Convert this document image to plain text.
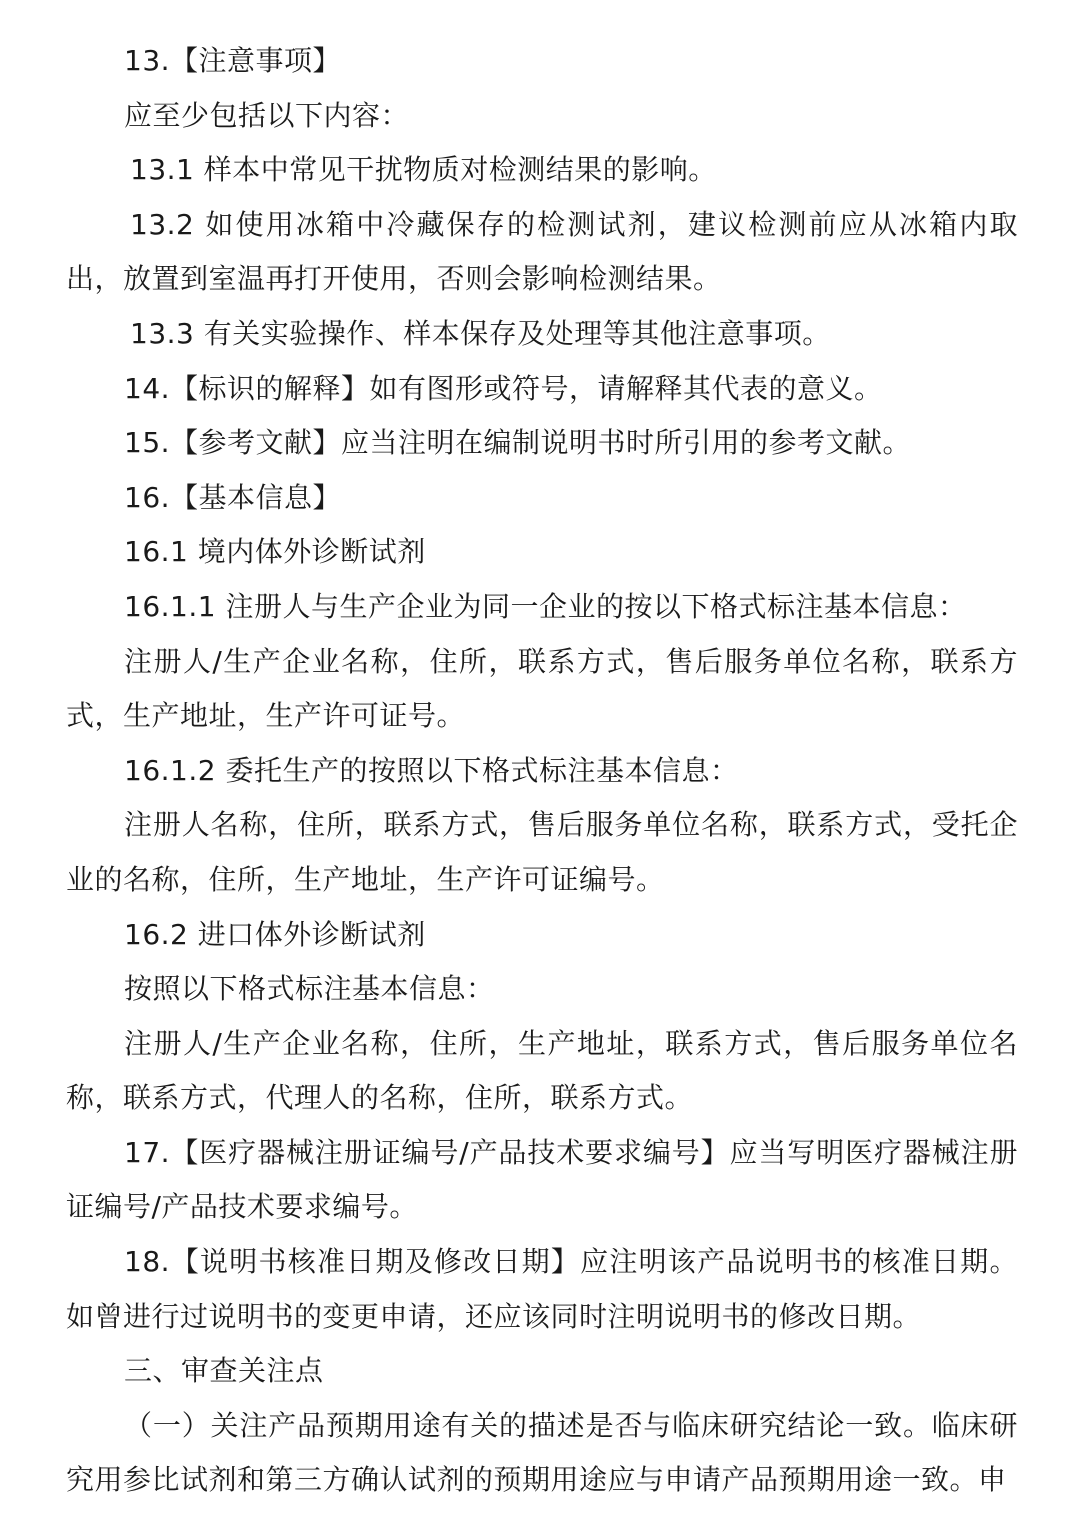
13.【注意事项】

应至少包括以下内容：

13.1 样本中常见干扰物质对检测结果的影响。

13.2 如使用冰箱中冷藏保存的检测试剂，建议检测前应从冰箱内取出，放置到室温再打开使用，否则会影响检测结果。

13.3 有关实验操作、样本保存及处理等其他注意事项。

14.【标识的解释】如有图形或符号，请解释其代表的意义。

15.【参考文献】应当注明在编制说明书时所引用的参考文献。

16.【基本信息】

16.1 境内体外诊断试剂

16.1.1 注册人与生产企业为同一企业的按以下格式标注基本信息：

注册人/生产企业名称，住所，联系方式，售后服务单位名称，联系方式，生产地址，生产许可证号。

16.1.2 委托生产的按照以下格式标注基本信息：

注册人名称，住所，联系方式，售后服务单位名称，联系方式，受托企业的名称，住所，生产地址，生产许可证编号。

16.2 进口体外诊断试剂

按照以下格式标注基本信息：

注册人/生产企业名称，住所，生产地址，联系方式，售后服务单位名称，联系方式，代理人的名称，住所，联系方式。

17.【医疗器械注册证编号/产品技术要求编号】应当写明医疗器械注册证编号/产品技术要求编号。

18.【说明书核准日期及修改日期】应注明该产品说明书的核准日期。如曾进行过说明书的变更申请，还应该同时注明说明书的修改日期。

三、审查关注点

（一）关注产品预期用途有关的描述是否与临床研究结论一致。临床研究用参比试剂和第三方确认试剂的预期用途应与申请产品预期用途一致。申
